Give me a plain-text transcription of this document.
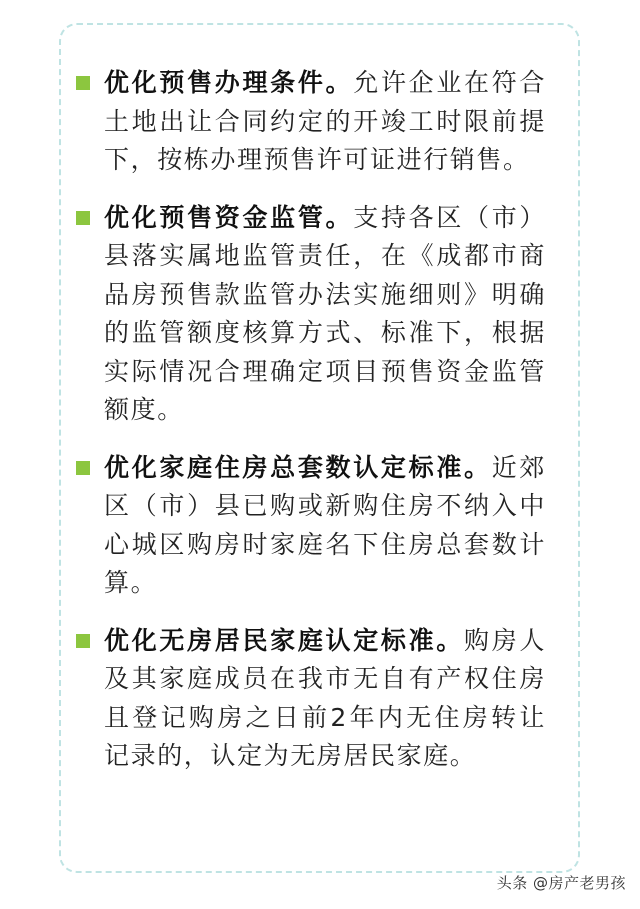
优化预售办理条件。允许企业在符合土地出让合同约定的开竣工时限前提下，按栋办理预售许可证进行销售。
优化预售资金监管。支持各区（市）县落实属地监管责任，在《成都市商品房预售款监管办法实施细则》明确的监管额度核算方式、标准下，根据实际情况合理确定项目预售资金监管额度。
优化家庭住房总套数认定标准。近郊区（市）县已购或新购住房不纳入中心城区购房时家庭名下住房总套数计算。
优化无房居民家庭认定标准。购房人及其家庭成员在我市无自有产权住房且登记购房之日前2年内无住房转让记录的，认定为无房居民家庭。
头条 @房产老男孩
